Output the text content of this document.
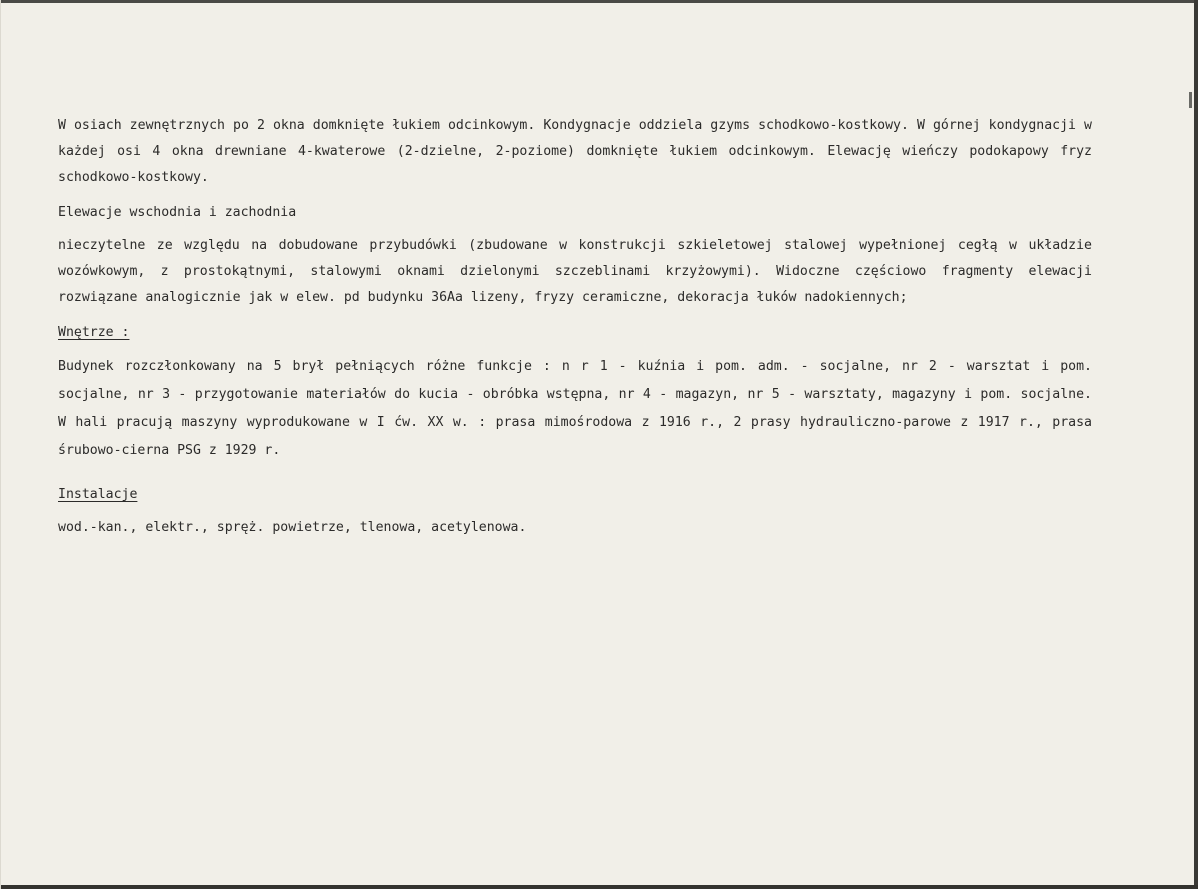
W osiach zewnętrznych po 2 okna domknięte łukiem odcinkowym. Kondygnacje oddziela gzyms schodkowo-kostkowy. W górnej kondygnacji w każdej osi 4 okna drewniane 4-kwaterowe (2-dzielne, 2-poziome) domknięte łukiem odcinkowym. Elewację wieńczy podokapowy fryz schodkowo-kostkowy.

Elewacje wschodnia i zachodnia

nieczytelne ze względu na dobudowane przybudówki (zbudowane w konstrukcji szkieletowej stalowej wypełnionej cegłą w układzie wozówkowym, z prostokątnymi, stalowymi oknami dzielonymi szczeblinami krzyżowymi). Widoczne częściowo fragmenty elewacji rozwiązane analogicznie jak w elew. pd budynku 36Aa lizeny, fryzy ceramiczne, dekoracja łuków nadokiennych;

Wnętrze :

Budynek rozczłonkowany na 5 brył pełniących różne funkcje : n r 1 - kuźnia i pom. adm. - socjalne, nr 2 - warsztat i pom. socjalne, nr 3 - przygotowanie materiałów do kucia - obróbka wstępna, nr 4 - magazyn, nr 5 - warsztaty, magazyny i pom. socjalne. W hali pracują maszyny wyprodukowane w I ćw. XX w. : prasa mimośrodowa z 1916 r., 2 prasy hydrauliczno-parowe z 1917 r., prasa śrubowo-cierna PSG z 1929 r.

Instalacje

wod.-kan., elektr., spręż. powietrze, tlenowa, acetylenowa.
